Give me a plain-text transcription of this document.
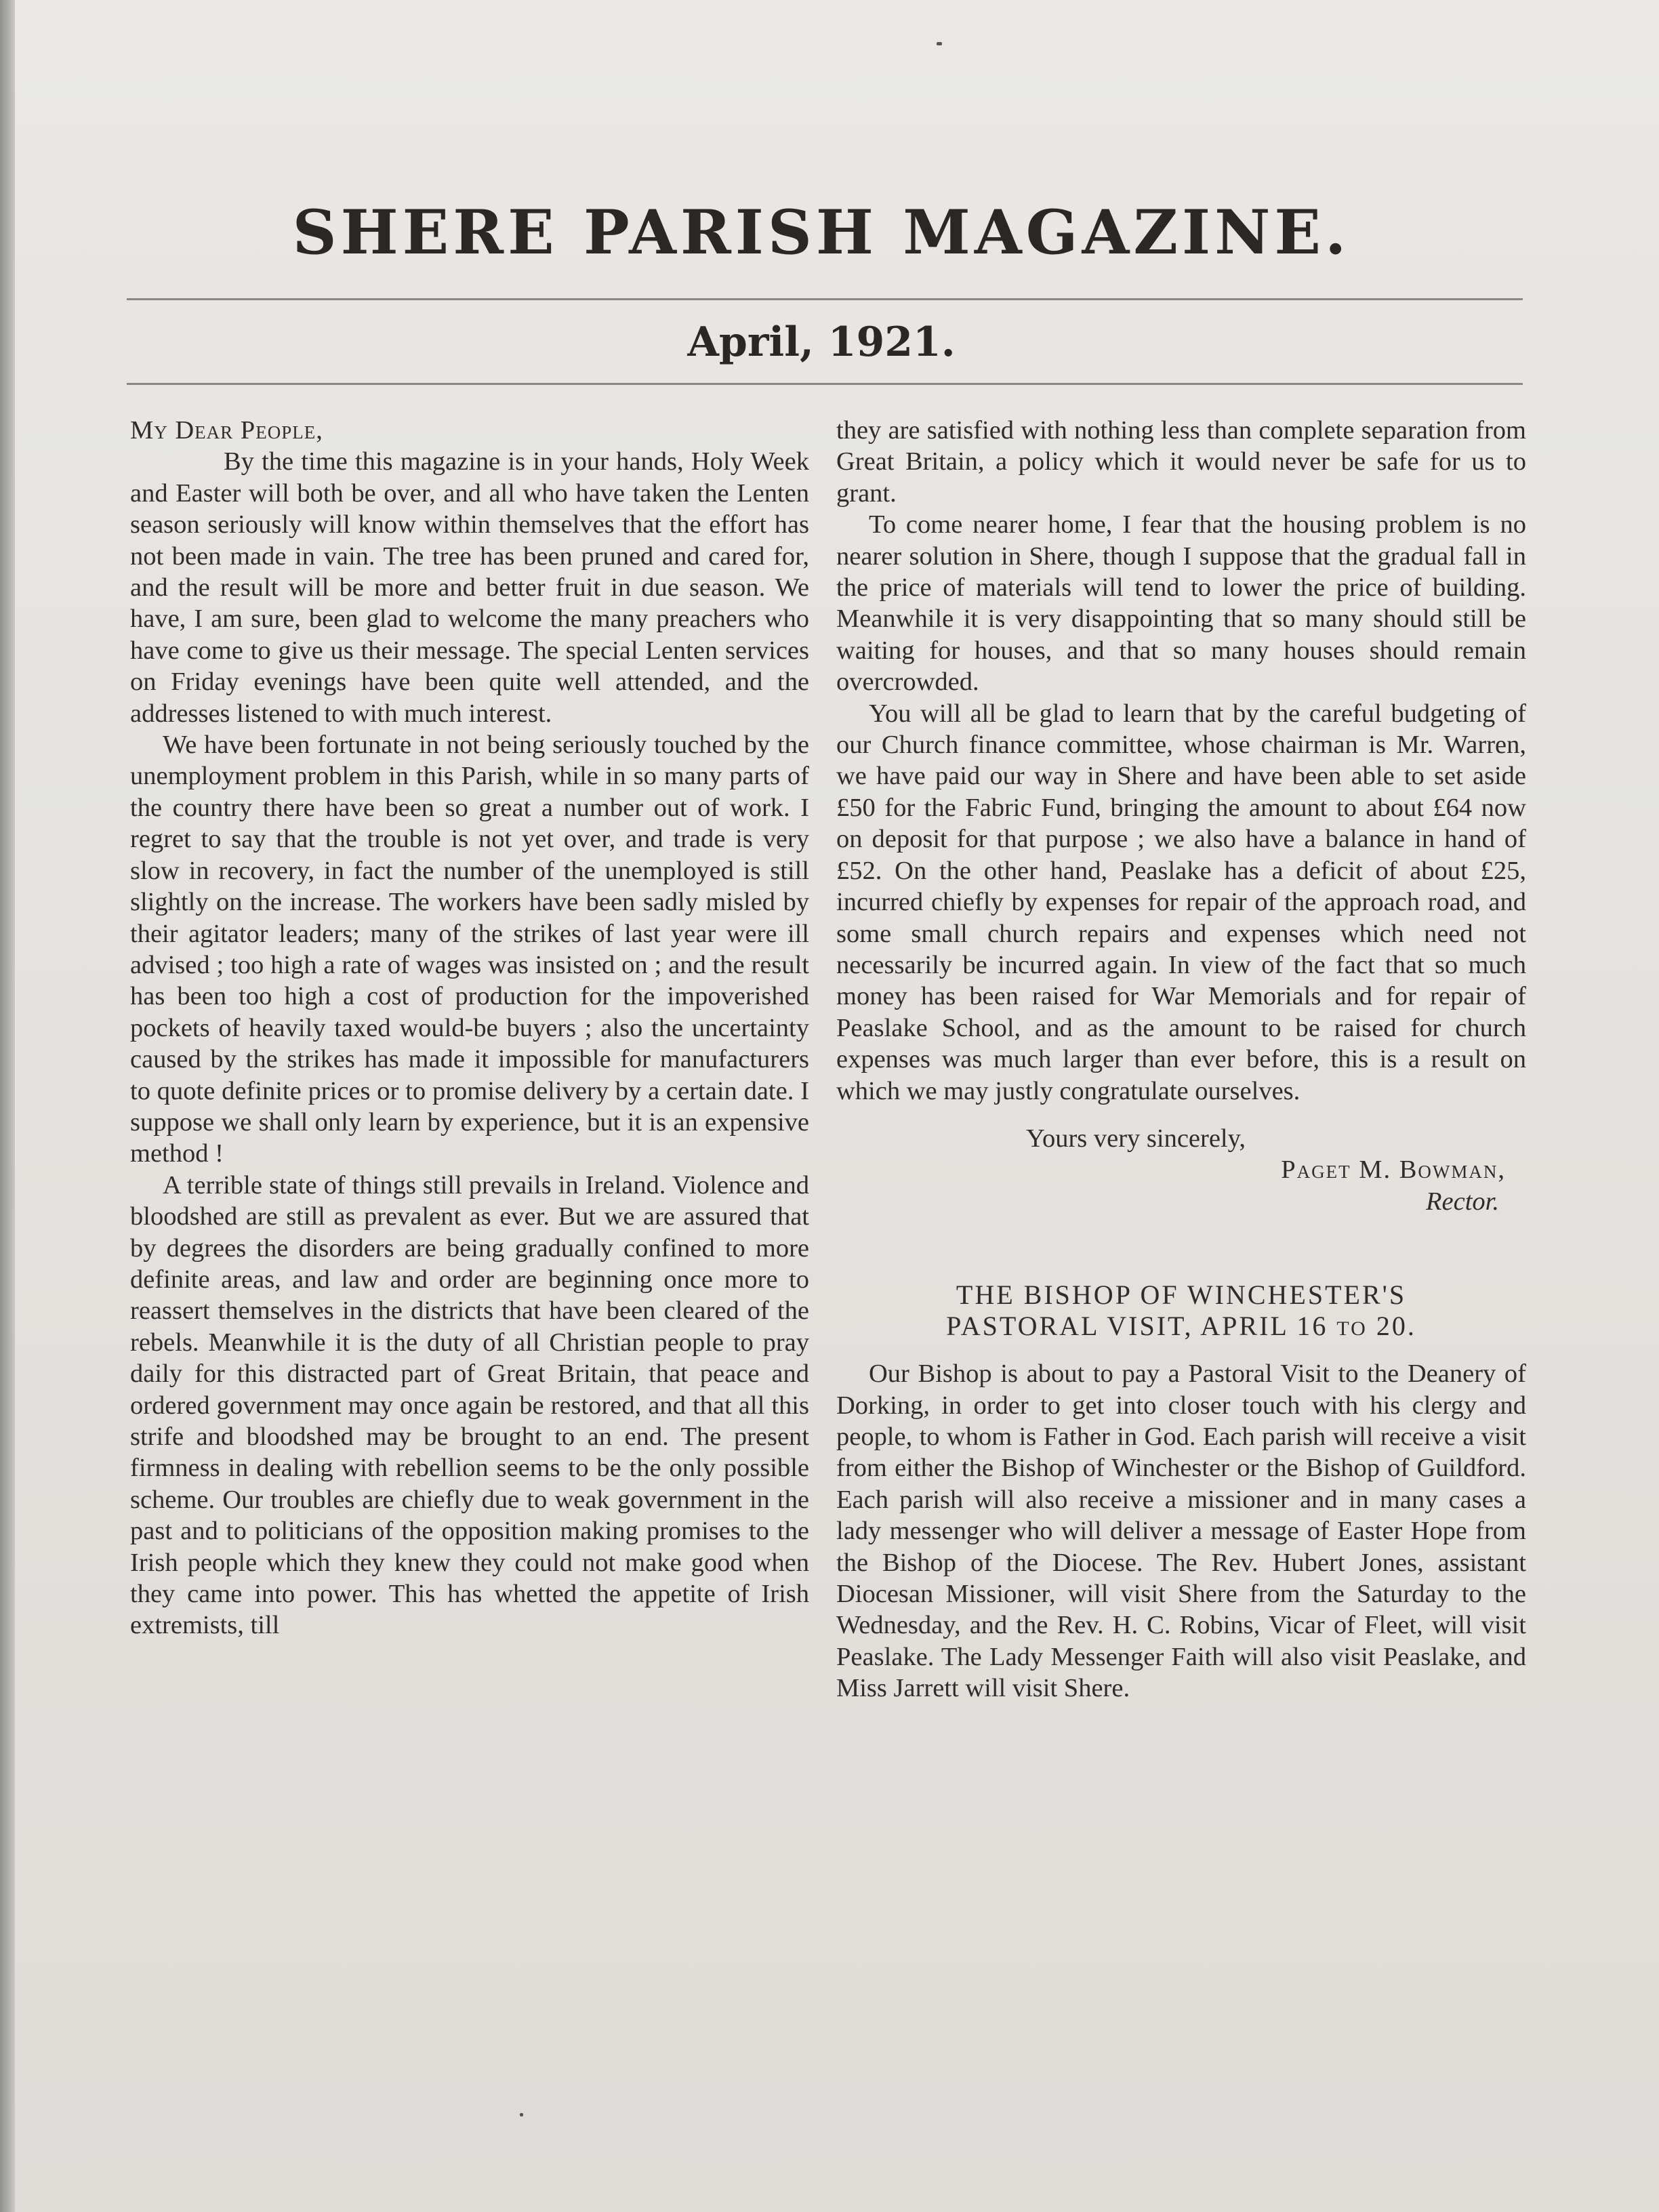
SHERE PARISH MAGAZINE.
April, 1921.

My Dear People,

By the time this magazine is in your hands, Holy Week and Easter will both be over, and all who have taken the Lenten season seriously will know within themselves that the effort has not been made in vain. The tree has been pruned and cared for, and the result will be more and better fruit in due season. We have, I am sure, been glad to welcome the many preachers who have come to give us their message. The special Lenten services on Friday evenings have been quite well attended, and the addresses listened to with much interest.

We have been fortunate in not being seriously touched by the unemployment problem in this Parish, while in so many parts of the country there have been so great a number out of work. I regret to say that the trouble is not yet over, and trade is very slow in recovery, in fact the number of the unemployed is still slightly on the increase. The workers have been sadly misled by their agitator leaders; many of the strikes of last year were ill advised ; too high a rate of wages was insisted on ; and the result has been too high a cost of production for the impoverished pockets of heavily taxed would-be buyers ; also the uncertainty caused by the strikes has made it impossible for manufacturers to quote definite prices or to promise delivery by a certain date. I suppose we shall only learn by experience, but it is an expensive method !

A terrible state of things still prevails in Ireland. Violence and bloodshed are still as prevalent as ever. But we are assured that by degrees the disorders are being gradually confined to more definite areas, and law and order are beginning once more to reassert themselves in the districts that have been cleared of the rebels. Meanwhile it is the duty of all Christian people to pray daily for this distracted part of Great Britain, that peace and ordered government may once again be restored, and that all this strife and bloodshed may be brought to an end. The present firmness in dealing with rebellion seems to be the only possible scheme. Our troubles are chiefly due to weak government in the past and to politicians of the opposition making promises to the Irish people which they knew they could not make good when they came into power. This has whetted the appetite of Irish extremists, till

they are satisfied with nothing less than complete separation from Great Britain, a policy which it would never be safe for us to grant.

To come nearer home, I fear that the housing problem is no nearer solution in Shere, though I suppose that the gradual fall in the price of materials will tend to lower the price of building. Meanwhile it is very disappointing that so many should still be waiting for houses, and that so many houses should remain overcrowded.

You will all be glad to learn that by the careful budgeting of our Church finance committee, whose chairman is Mr. Warren, we have paid our way in Shere and have been able to set aside £50 for the Fabric Fund, bringing the amount to about £64 now on deposit for that purpose ; we also have a balance in hand of £52. On the other hand, Peaslake has a deficit of about £25, incurred chiefly by expenses for repair of the approach road, and some small church repairs and expenses which need not necessarily be incurred again. In view of the fact that so much money has been raised for War Memorials and for repair of Peaslake School, and as the amount to be raised for church expenses was much larger than ever before, this is a result on which we may justly congratulate ourselves.

Yours very sincerely,
Paget M. Bowman,
Rector.
THE BISHOP OF WINCHESTER'S
PASTORAL VISIT, APRIL 16 TO 20.

Our Bishop is about to pay a Pastoral Visit to the Deanery of Dorking, in order to get into closer touch with his clergy and people, to whom is Father in God. Each parish will receive a visit from either the Bishop of Winchester or the Bishop of Guildford. Each parish will also receive a missioner and in many cases a lady messenger who will deliver a message of Easter Hope from the Bishop of the Diocese. The Rev. Hubert Jones, assistant Diocesan Missioner, will visit Shere from the Saturday to the Wednesday, and the Rev. H. C. Robins, Vicar of Fleet, will visit Peaslake. The Lady Messenger Faith will also visit Peaslake, and Miss Jarrett will visit Shere.
